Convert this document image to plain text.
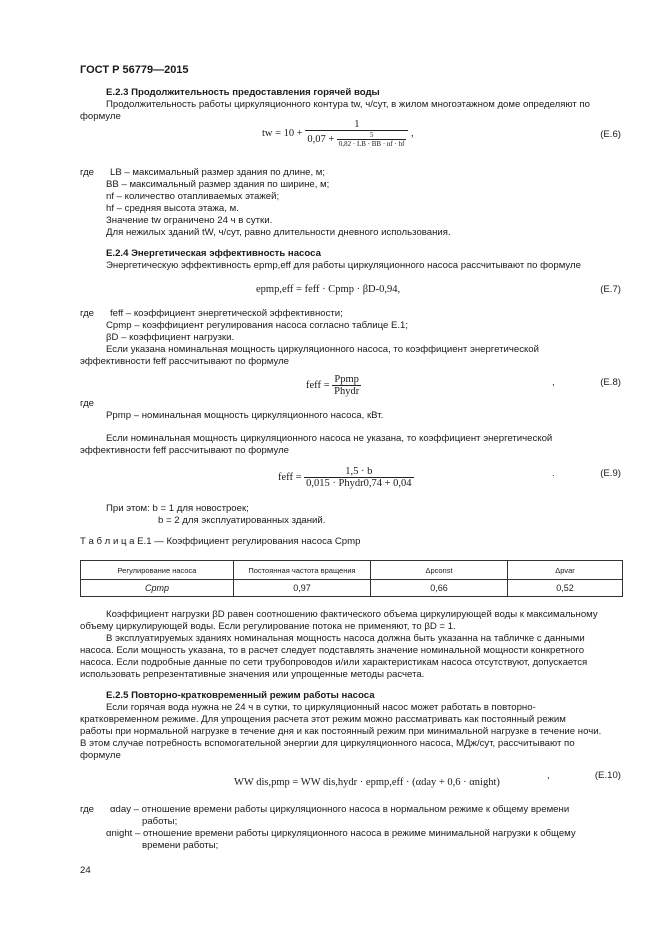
ГОСТ Р 56779—2015
E.2.3 Продолжительность предоставления горячей воды
Продолжительность работы циркуляционного контура tw, ч/сут, в жилом многоэтажном доме определяют по
формуле
tw = $10 + \frac{1}{0,07 + \frac{5}{0,82 \cdot LB \cdot BB \cdot nf \cdot hf}}$ ,	(E.6)
где LB – максимальный размер здания по длине, м;
BB – максимальный размер здания по ширине, м;
nf – количество отапливаемых этажей;
hf – средняя высота этажа, м.
Значение tw ограничено 24 ч в сутки.
Для нежилых зданий tW, ч/сут, равно длительности дневного использования.
E.2.4 Энергетическая эффективность насоса
Энергетическую эффективность epmp,eff для работы циркуляционного насоса рассчитывают по формуле
epmp,eff = feff · Cpmp · βD-0,94,	(E.7)
где feff – коэффициент энергетической эффективности;
Cpmp – коэффициент регулирования насоса согласно таблице E.1;
βD – коэффициент нагрузки.
Если указана номинальная мощность циркуляционного насоса, то коэффициент энергетической
эффективности feff рассчитывают по формуле
feff = $\frac{\text{Ppmp}}{\text{Phydr}}$	,	(E.8)
где
Ppmp – номинальная мощность циркуляционного насоса, кВт.
Если номинальная мощность циркуляционного насоса не указана, то коэффициент энергетической
эффективности feff рассчитывают по формуле
feff = $\frac{1,5 \cdot b}{\text{0,015 · Phydr0,74 + 0,04}}$	.	(E.9)
При этом: b = 1 для новостроек;
b = 2 для эксплуатированных зданий.
Т а б л и ц а E.1 — Коэффициент регулирования насоса Cpmp
Регулирование насоса	Постоянная частота вращения	Δpconst	Δpvar
Cpmp	0,97	0,66	0,52
Коэффициент нагрузки βD равен соотношению фактического объема циркулирующей воды к максимальному
объему циркулирующей воды. Если регулирование потока не применяют, то βD = 1.
В эксплуатируемых зданиях номинальная мощность насоса должна быть указанна на табличке с данными
насоса. Если мощность указана, то в расчет следует подставлять значение номинальной мощности конкретного
насоса. Если подробные данные по сети трубопроводов и/или характеристикам насоса отсутствуют, допускается
использовать репрезентативные значения или упрощенные методы расчета.
E.2.5 Повторно-кратковременный режим работы насоса
Если горячая вода нужна не 24 ч в сутки, то циркуляционный насос может работать в повторно-
кратковременном режиме. Для упрощения расчета этот режим можно рассматривать как постоянный режим
работы при нормальной нагрузке в течение дня и как постоянный режим при минимальной нагрузке в течение ночи.
В этом случае потребность вспомогательной энергии для циркуляционного насоса, МДж/сут, рассчитывают по
формуле
,	(E.10)
WW dis,pmp = WW dis,hydr · epmp,eff · (αday + 0,6 · αnight)
где αday – отношение времени работы циркуляционного насоса в нормальном режиме к общему времени
работы;
αnight – отношение времени работы циркуляционного насоса в режиме минимальной нагрузки к общему
времени работы;
24
